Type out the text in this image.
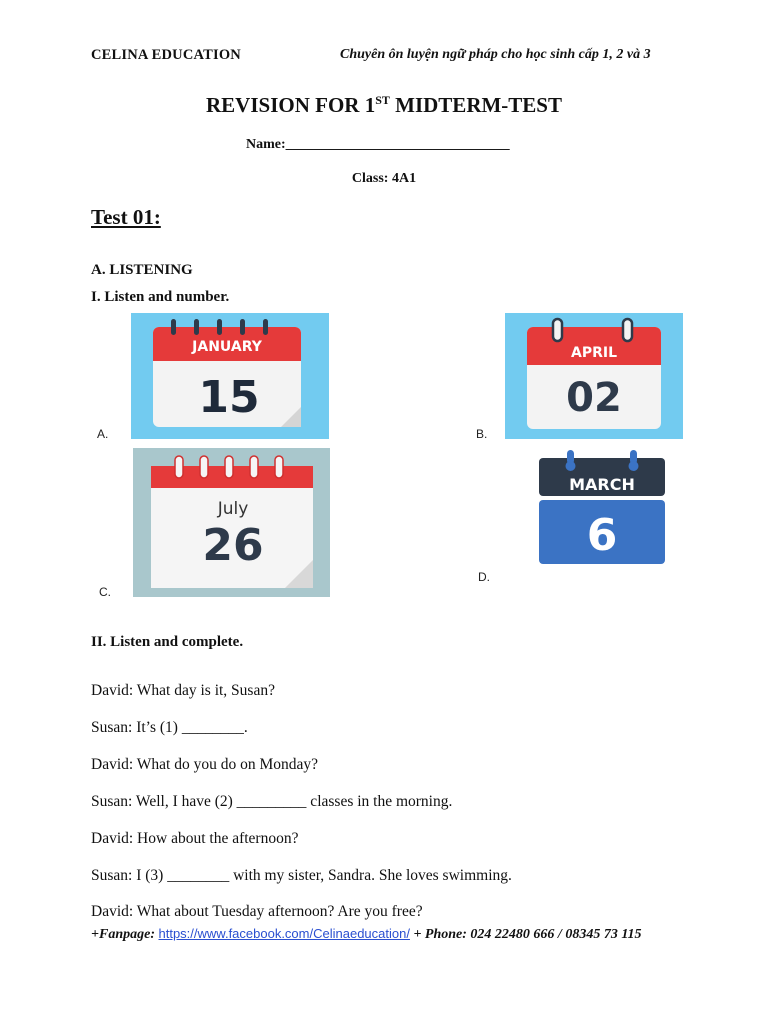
CELINA EDUCATION	Chuyên ôn luyện ngữ pháp cho học sinh cấp 1, 2 và 3
REVISION FOR 1ST MIDTERM-TEST
Name:________________________________
Class: 4A1
Test 01:
A. LISTENING
I. Listen and number.
JANUARY
15
A.
APRIL
02
B.
July
26
C.
MARCH
6
D.
II. Listen and complete.
David: What day is it, Susan?
Susan: It’s (1) ________.
David: What do you do on Monday?
Susan: Well, I have (2) _________ classes in the morning.
David: How about the afternoon?
Susan: I (3) ________ with my sister, Sandra. She loves swimming.
David: What about Tuesday afternoon? Are you free?
+Fanpage: https://www.facebook.com/Celinaeducation/ + Phone: 024 22480 666 / 08345 73 115
